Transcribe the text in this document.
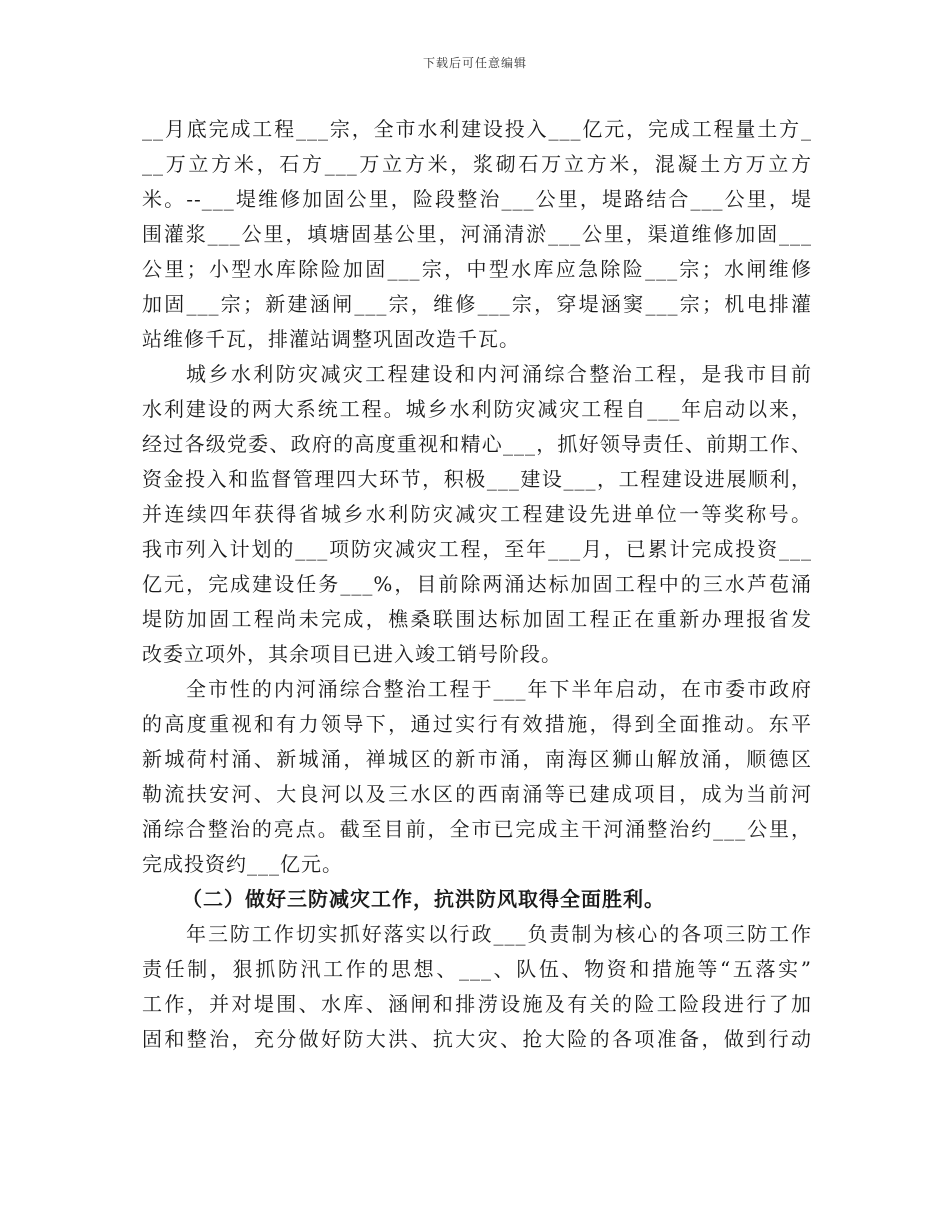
下载后可任意编辑
__月底完成工程___宗，全市水利建设投入___亿元，完成工程量土方_
__万立方米，石方___万立方米，浆砌石万立方米，混凝土方万立方
米。--___堤维修加固公里，险段整治___公里，堤路结合___公里，堤
围灌浆___公里，填塘固基公里，河涌清淤___公里，渠道维修加固___
公里；小型水库除险加固___宗，中型水库应急除险___宗；水闸维修
加固___宗；新建涵闸___宗，维修___宗，穿堤涵窦___宗；机电排灌
站维修千瓦，排灌站调整巩固改造千瓦。
城乡水利防灾减灾工程建设和内河涌综合整治工程，是我市目前
水利建设的两大系统工程。城乡水利防灾减灾工程自___年启动以来，
经过各级党委、政府的高度重视和精心___，抓好领导责任、前期工作、
资金投入和监督管理四大环节，积极___建设___，工程建设进展顺利，
并连续四年获得省城乡水利防灾减灾工程建设先进单位一等奖称号。
我市列入计划的___项防灾减灾工程，至年___月，已累计完成投资___
亿元，完成建设任务___%，目前除两涌达标加固工程中的三水芦苞涌
堤防加固工程尚未完成，樵桑联围达标加固工程正在重新办理报省发
改委立项外，其余项目已进入竣工销号阶段。
全市性的内河涌综合整治工程于___年下半年启动，在市委市政府
的高度重视和有力领导下，通过实行有效措施，得到全面推动。东平
新城荷村涌、新城涌，禅城区的新市涌，南海区狮山解放涌，顺德区
勒流扶安河、大良河以及三水区的西南涌等已建成项目，成为当前河
涌综合整治的亮点。截至目前，全市已完成主干河涌整治约___公里，
完成投资约___亿元。
（二）做好三防减灾工作，抗洪防风取得全面胜利。
年三防工作切实抓好落实以行政___负责制为核心的各项三防工作
责任制，狠抓防汛工作的思想、___、队伍、物资和措施等“五落实”
工作，并对堤围、水库、涵闸和排涝设施及有关的险工险段进行了加
固和整治，充分做好防大洪、抗大灾、抢大险的各项准备，做到行动
